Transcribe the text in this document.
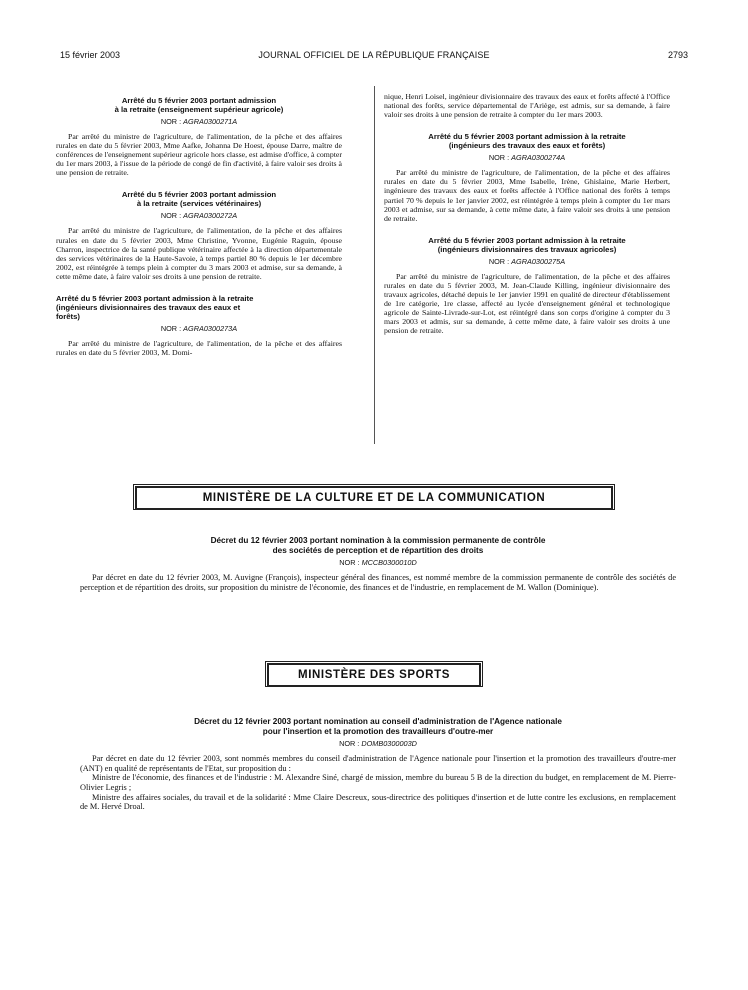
15 février 2003	JOURNAL OFFICIEL DE LA RÉPUBLIQUE FRANÇAISE	2793

Arrêté du 5 février 2003 portant admission
à la retraite (enseignement supérieur agricole)

NOR : AGRA0300271A

Par arrêté du ministre de l'agriculture, de l'alimentation, de la pêche et des affaires rurales en date du 5 février 2003, Mme Aafke, Johanna De Hoest, épouse Darre, maître de conférences de l'enseignement supérieur agricole hors classe, est admise d'office, à compter du 1er mars 2003, à l'issue de la période de congé de fin d'activité, à faire valoir ses droits à une pension de retraite.

Arrêté du 5 février 2003 portant admission
à la retraite (services vétérinaires)

NOR : AGRA0300272A

Par arrêté du ministre de l'agriculture, de l'alimentation, de la pêche et des affaires rurales en date du 5 février 2003, Mme Christine, Yvonne, Eugénie Raguin, épouse Charron, inspectrice de la santé publique vétérinaire affectée à la direction départementale des services vétérinaires de la Haute-Savoie, à temps partiel 80 % depuis le 1er décembre 2002, est réintégrée à temps plein à compter du 3 mars 2003 et admise, sur sa demande, à cette même date, à faire valoir ses droits à une pension de retraite.

Arrêté du 5 février 2003 portant admission à la retraite
(ingénieurs divisionnaires des travaux des eaux et
forêts)

NOR : AGRA0300273A

Par arrêté du ministre de l'agriculture, de l'alimentation, de la pêche et des affaires rurales en date du 5 février 2003, M. Domi-

nique, Henri Loisel, ingénieur divisionnaire des travaux des eaux et forêts affecté à l'Office national des forêts, service départemental de l'Ariège, est admis, sur sa demande, à faire valoir ses droits à une pension de retraite à compter du 1er mars 2003.

Arrêté du 5 février 2003 portant admission à la retraite
(ingénieurs des travaux des eaux et forêts)

NOR : AGRA0300274A

Par arrêté du ministre de l'agriculture, de l'alimentation, de la pêche et des affaires rurales en date du 5 février 2003, Mme Isabelle, Irène, Ghislaine, Marie Herbert, ingénieure des travaux des eaux et forêts affectée à l'Office national des forêts à temps partiel 70 % depuis le 1er janvier 2002, est réintégrée à temps plein à compter du 1er mars 2003 et admise, sur sa demande, à cette même date, à faire valoir ses droits à une pension de retraite.

Arrêté du 5 février 2003 portant admission à la retraite
(ingénieurs divisionnaires des travaux agricoles)

NOR : AGRA0300275A

Par arrêté du ministre de l'agriculture, de l'alimentation, de la pêche et des affaires rurales en date du 5 février 2003, M. Jean-Claude Killing, ingénieur divisionnaire des travaux agricoles, détaché depuis le 1er janvier 1991 en qualité de directeur d'établissement de 1re catégorie, 1re classe, affecté au lycée d'enseignement général et technologique agricole de Sainte-Livrade-sur-Lot, est réintégré dans son corps d'origine à compter du 3 mars 2003 et admis, sur sa demande, à cette même date, à faire valoir ses droits à une pension de retraite.

MINISTÈRE DE LA CULTURE ET DE LA COMMUNICATION

Décret du 12 février 2003 portant nomination à la commission permanente de contrôle
des sociétés de perception et de répartition des droits

NOR : MCCB0300010D

Par décret en date du 12 février 2003, M. Auvigne (François), inspecteur général des finances, est nommé membre de la commission permanente de contrôle des sociétés de perception et de répartition des droits, sur proposition du ministre de l'économie, des finances et de l'industrie, en remplacement de M. Wallon (Dominique).

MINISTÈRE DES SPORTS

Décret du 12 février 2003 portant nomination au conseil d'administration de l'Agence nationale
pour l'insertion et la promotion des travailleurs d'outre-mer

NOR : DOMB0300003D

Par décret en date du 12 février 2003, sont nommés membres du conseil d'administration de l'Agence nationale pour l'insertion et la promotion des travailleurs d'outre-mer (ANT) en qualité de représentants de l'Etat, sur proposition du :

Ministre de l'économie, des finances et de l'industrie : M. Alexandre Siné, chargé de mission, membre du bureau 5 B de la direction du budget, en remplacement de M. Pierre-Olivier Legris ;

Ministre des affaires sociales, du travail et de la solidarité : Mme Claire Descreux, sous-directrice des politiques d'insertion et de lutte contre les exclusions, en remplacement de M. Hervé Droal.
